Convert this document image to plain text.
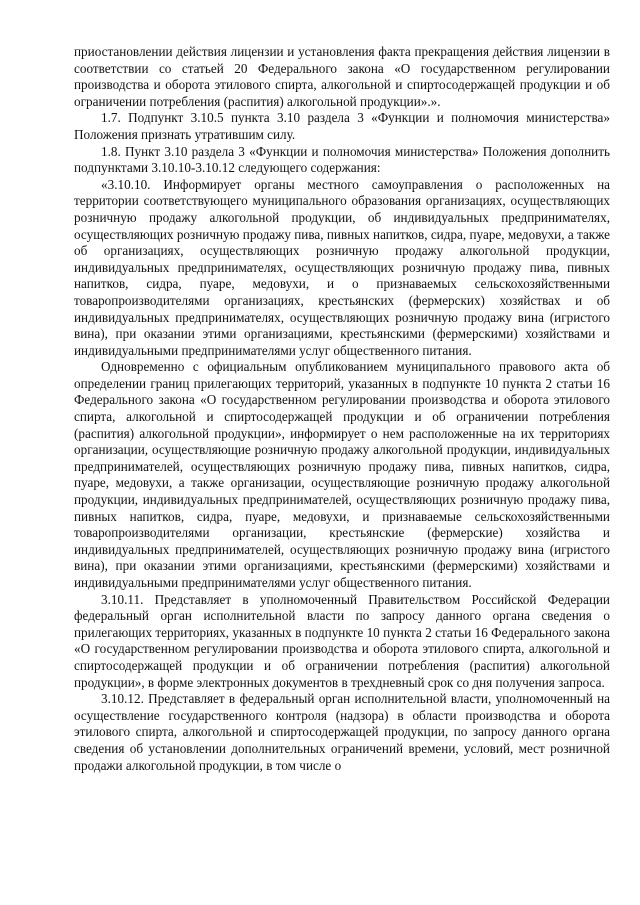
приостановлении действия лицензии и установления факта прекращения действия лицензии в соответствии со статьей 20 Федерального закона «О государственном регулировании производства и оборота этилового спирта, алкогольной и спиртосодержащей продукции и об ограничении потребления (распития) алкогольной продукции».».

1.7. Подпункт 3.10.5 пункта 3.10 раздела 3 «Функции и полномочия министерства» Положения признать утратившим силу.

1.8. Пункт 3.10 раздела 3 «Функции и полномочия министерства» Положения дополнить подпунктами 3.10.10-3.10.12 следующего содержания:

«3.10.10. Информирует органы местного самоуправления о расположенных на территории соответствующего муниципального образования организациях, осуществляющих розничную продажу алкогольной продукции, об индивидуальных предпринимателях, осуществляющих розничную продажу пива, пивных напитков, сидра, пуаре, медовухи, а также об организациях, осуществляющих розничную продажу алкогольной продукции, индивидуальных предпринимателях, осуществляющих розничную продажу пива, пивных напитков, сидра, пуаре, медовухи, и о признаваемых сельскохозяйственными товаропроизводителями организациях, крестьянских (фермерских) хозяйствах и об индивидуальных предпринимателях, осуществляющих розничную продажу вина (игристого вина), при оказании этими организациями, крестьянскими (фермерскими) хозяйствами и индивидуальными предпринимателями услуг общественного питания.

Одновременно с официальным опубликованием муниципального правового акта об определении границ прилегающих территорий, указанных в подпункте 10 пункта 2 статьи 16 Федерального закона «О государственном регулировании производства и оборота этилового спирта, алкогольной и спиртосодержащей продукции и об ограничении потребления (распития) алкогольной продукции», информирует о нем расположенные на их территориях организации, осуществляющие розничную продажу алкогольной продукции, индивидуальных предпринимателей, осуществляющих розничную продажу пива, пивных напитков, сидра, пуаре, медовухи, а также организации, осуществляющие розничную продажу алкогольной продукции, индивидуальных предпринимателей, осуществляющих розничную продажу пива, пивных напитков, сидра, пуаре, медовухи, и признаваемые сельскохозяйственными товаропроизводителями организации, крестьянские (фермерские) хозяйства и индивидуальных предпринимателей, осуществляющих розничную продажу вина (игристого вина), при оказании этими организациями, крестьянскими (фермерскими) хозяйствами и индивидуальными предпринимателями услуг общественного питания.

3.10.11. Представляет в уполномоченный Правительством Российской Федерации федеральный орган исполнительной власти по запросу данного органа сведения о прилегающих территориях, указанных в подпункте 10 пункта 2 статьи 16 Федерального закона «О государственном регулировании производства и оборота этилового спирта, алкогольной и спиртосодержащей продукции и об ограничении потребления (распития) алкогольной продукции», в форме электронных документов в трехдневный срок со дня получения запроса.

3.10.12. Представляет в федеральный орган исполнительной власти, уполномоченный на осуществление государственного контроля (надзора) в области производства и оборота этилового спирта, алкогольной и спиртосодержащей продукции, по запросу данного органа сведения об установлении дополнительных ограничений времени, условий, мест розничной продажи алкогольной продукции, в том числе о
